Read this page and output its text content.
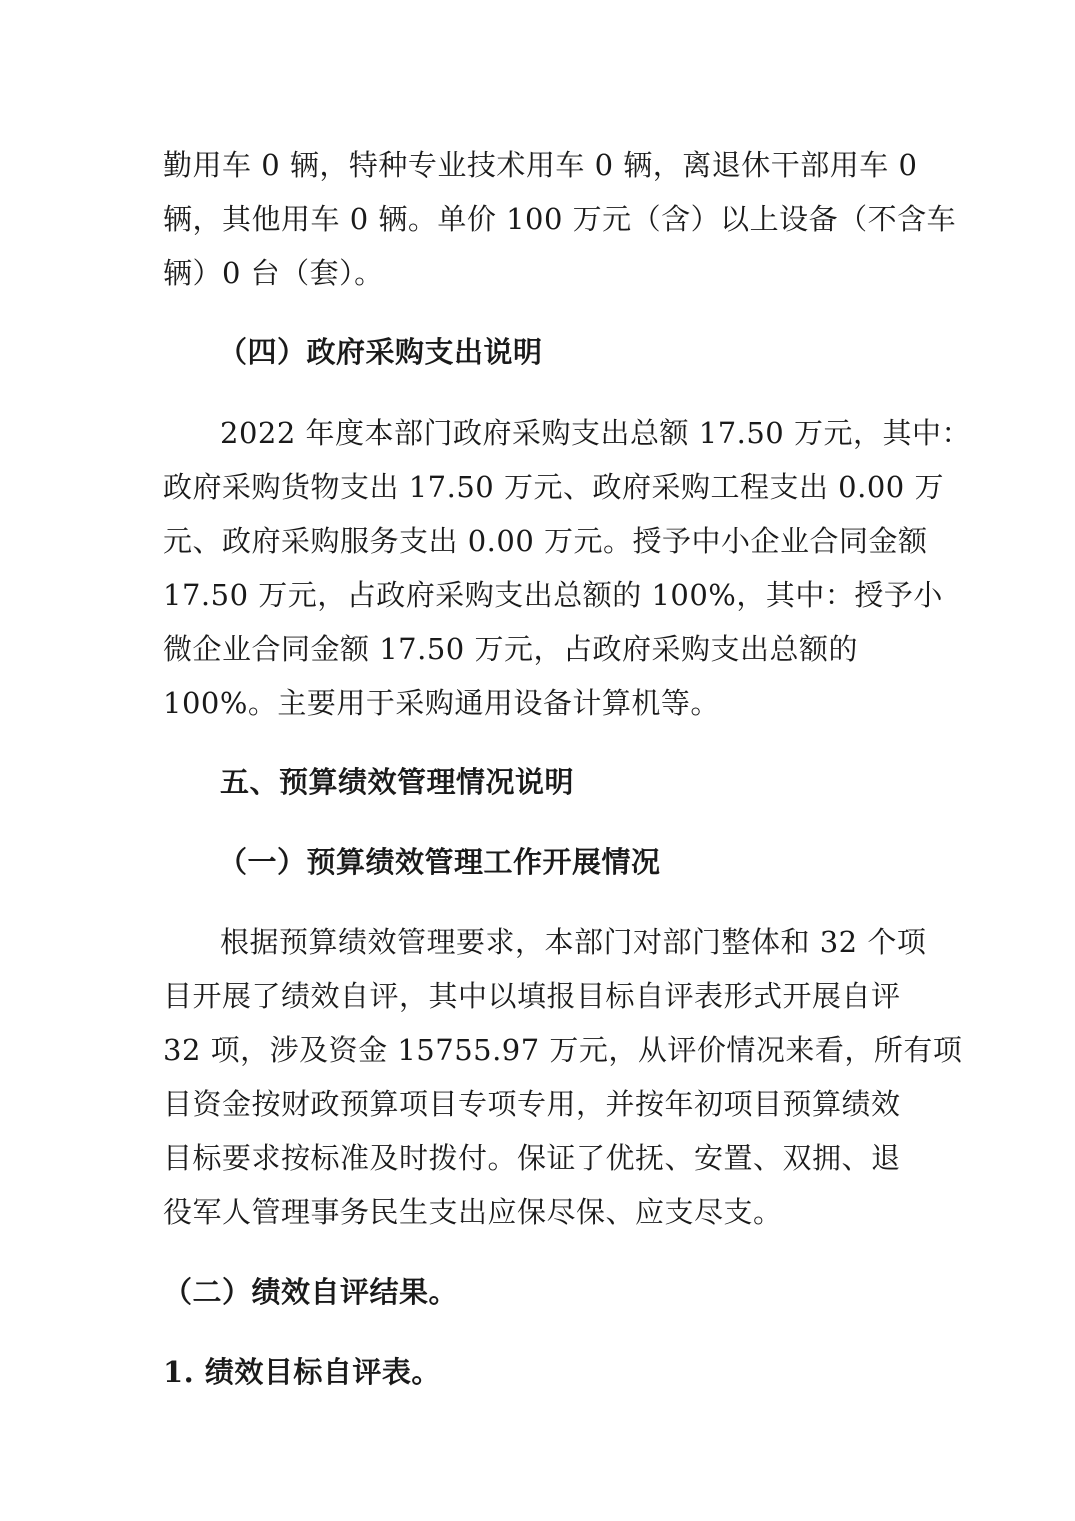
勤用车 0 辆，特种专业技术用车 0 辆，离退休干部用车 0
辆，其他用车 0 辆。单价 100 万元（含）以上设备（不含车
辆）0 台（套）。
（四）政府采购支出说明
2022 年度本部门政府采购支出总额 17.50 万元，其中：
政府采购货物支出 17.50 万元、政府采购工程支出 0.00 万
元、政府采购服务支出 0.00 万元。授予中小企业合同金额
17.50 万元，占政府采购支出总额的 100%，其中：授予小
微企业合同金额 17.50 万元，占政府采购支出总额的
100%。主要用于采购通用设备计算机等。
五、预算绩效管理情况说明
（一）预算绩效管理工作开展情况
根据预算绩效管理要求，本部门对部门整体和 32 个项
目开展了绩效自评，其中以填报目标自评表形式开展自评
32 项，涉及资金 15755.97 万元，从评价情况来看，所有项
目资金按财政预算项目专项专用，并按年初项目预算绩效
目标要求按标准及时拨付。保证了优抚、安置、双拥、退
役军人管理事务民生支出应保尽保、应支尽支。
（二）绩效自评结果。
1. 绩效目标自评表。
